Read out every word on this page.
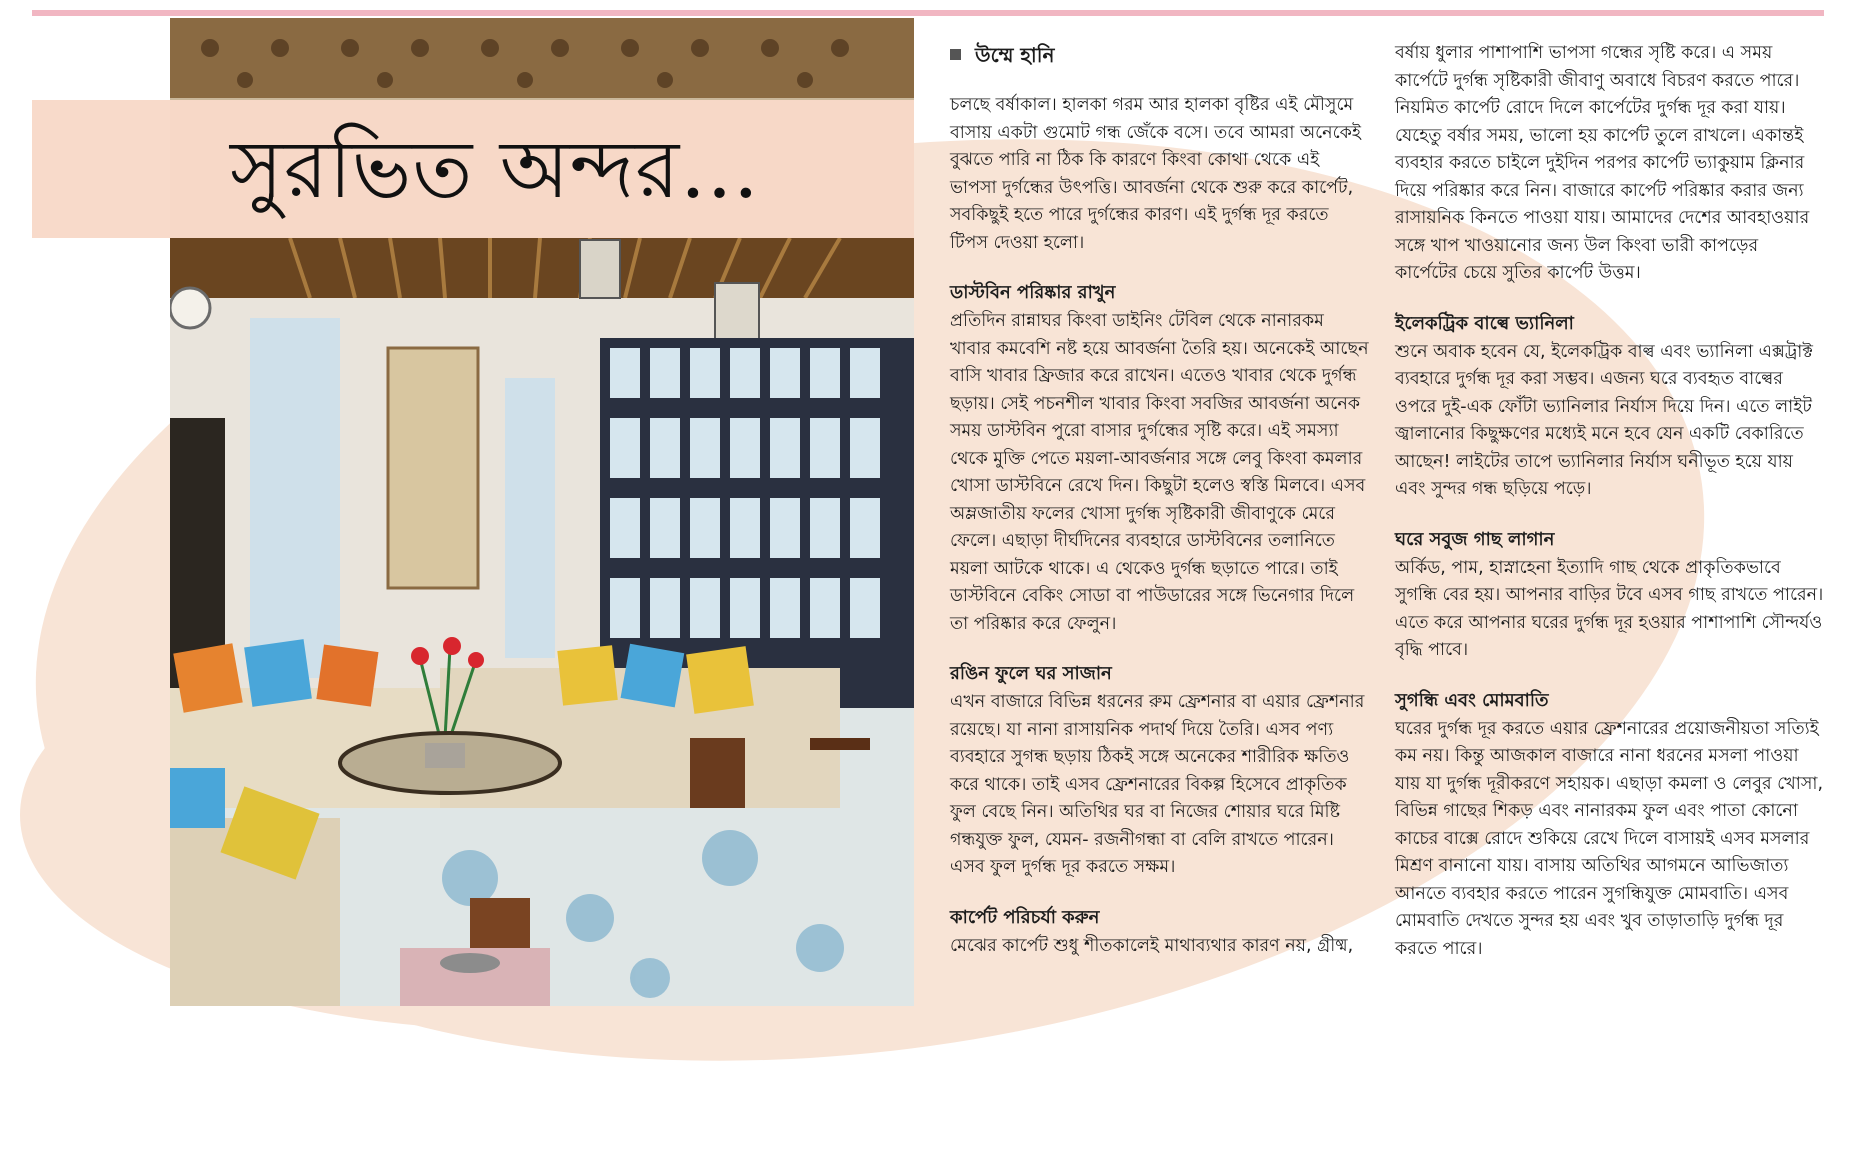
সুরভিত অন্দর...
উম্মে হানি

চলছে বর্ষাকাল। হালকা গরম আর হালকা বৃষ্টির এই মৌসুমে বাসায় একটা গুমোট গন্ধ জেঁকে বসে। তবে আমরা অনেকেই বুঝতে পারি না ঠিক কি কারণে কিংবা কোথা থেকে এই ভাপসা দুর্গন্ধের উৎপত্তি। আবর্জনা থেকে শুরু করে কার্পেট, সবকিছুই হতে পারে দুর্গন্ধের কারণ। এই দুর্গন্ধ দূর করতে টিপস দেওয়া হলো।

ডাস্টবিন পরিষ্কার রাখুন

প্রতিদিন রান্নাঘর কিংবা ডাইনিং টেবিল থেকে নানারকম খাবার কমবেশি নষ্ট হয়ে আবর্জনা তৈরি হয়। অনেকেই আছেন বাসি খাবার ফ্রিজার করে রাখেন। এতেও খাবার থেকে দুর্গন্ধ ছড়ায়। সেই পচনশীল খাবার কিংবা সবজির আবর্জনা অনেক সময় ডাস্টবিন পুরো বাসার দুর্গন্ধের সৃষ্টি করে। এই সমস্যা থেকে মুক্তি পেতে ময়লা-আবর্জনার সঙ্গে লেবু কিংবা কমলার খোসা ডাস্টবিনে রেখে দিন। কিছুটা হলেও স্বস্তি মিলবে। এসব অম্লজাতীয় ফলের খোসা দুর্গন্ধ সৃষ্টিকারী জীবাণুকে মেরে ফেলে। এছাড়া দীর্ঘদিনের ব্যবহারে ডাস্টবিনের তলানিতে ময়লা আটকে থাকে। এ থেকেও দুর্গন্ধ ছড়াতে পারে। তাই ডাস্টবিনে বেকিং সোডা বা পাউডারের সঙ্গে ভিনেগার দিলে তা পরিষ্কার করে ফেলুন।

রঙিন ফুলে ঘর সাজান

এখন বাজারে বিভিন্ন ধরনের রুম ফ্রেশনার বা এয়ার ফ্রেশনার রয়েছে। যা নানা রাসায়নিক পদার্থ দিয়ে তৈরি। এসব পণ্য ব্যবহারে সুগন্ধ ছড়ায় ঠিকই সঙ্গে অনেকের শারীরিক ক্ষতিও করে থাকে। তাই এসব ফ্রেশনারের বিকল্প হিসেবে প্রাকৃতিক ফুল বেছে নিন। অতিথির ঘর বা নিজের শোয়ার ঘরে মিষ্টি গন্ধযুক্ত ফুল, যেমন- রজনীগন্ধা বা বেলি রাখতে পারেন। এসব ফুল দুর্গন্ধ দূর করতে সক্ষম।

কার্পেট পরিচর্যা করুন

মেঝের কার্পেট শুধু শীতকালেই মাথাব্যথার কারণ নয়, গ্রীষ্ম,

বর্ষায় ধুলার পাশাপাশি ভাপসা গন্ধের সৃষ্টি করে। এ সময় কার্পেটে দুর্গন্ধ সৃষ্টিকারী জীবাণু অবাধে বিচরণ করতে পারে। নিয়মিত কার্পেট রোদে দিলে কার্পেটের দুর্গন্ধ দূর করা যায়। যেহেতু বর্ষার সময়, ভালো হয় কার্পেট তুলে রাখলে। একান্তই ব্যবহার করতে চাইলে দুইদিন পরপর কার্পেট ভ্যাকুয়াম ক্লিনার দিয়ে পরিষ্কার করে নিন। বাজারে কার্পেট পরিষ্কার করার জন্য রাসায়নিক কিনতে পাওয়া যায়। আমাদের দেশের আবহাওয়ার সঙ্গে খাপ খাওয়ানোর জন্য উল কিংবা ভারী কাপড়ের কার্পেটের চেয়ে সুতির কার্পেট উত্তম।

ইলেকট্রিক বাল্বে ভ্যানিলা

শুনে অবাক হবেন যে, ইলেকট্রিক বাল্ব এবং ভ্যানিলা এক্সট্রাক্ট ব্যবহারে দুর্গন্ধ দূর করা সম্ভব। এজন্য ঘরে ব্যবহৃত বাল্বের ওপরে দুই-এক ফোঁটা ভ্যানিলার নির্যাস দিয়ে দিন। এতে লাইট জ্বালানোর কিছুক্ষণের মধ্যেই মনে হবে যেন একটি বেকারিতে আছেন! লাইটের তাপে ভ্যানিলার নির্যাস ঘনীভূত হয়ে যায় এবং সুন্দর গন্ধ ছড়িয়ে পড়ে।

ঘরে সবুজ গাছ লাগান

অর্কিড, পাম, হাস্নাহেনা ইত্যাদি গাছ থেকে প্রাকৃতিকভাবে সুগন্ধি বের হয়। আপনার বাড়ির টবে এসব গাছ রাখতে পারেন। এতে করে আপনার ঘরের দুর্গন্ধ দূর হওয়ার পাশাপাশি সৌন্দর্যও বৃদ্ধি পাবে।

সুগন্ধি এবং মোমবাতি

ঘরের দুর্গন্ধ দূর করতে এয়ার ফ্রেশনারের প্রয়োজনীয়তা সত্যিই কম নয়। কিন্তু আজকাল বাজারে নানা ধরনের মসলা পাওয়া যায় যা দুর্গন্ধ দূরীকরণে সহায়ক। এছাড়া কমলা ও লেবুর খোসা, বিভিন্ন গাছের শিকড় এবং নানারকম ফুল এবং পাতা কোনো কাচের বাক্সে রোদে শুকিয়ে রেখে দিলে বাসায়ই এসব মসলার মিশ্রণ বানানো যায়। বাসায় অতিথির আগমনে আভিজাত্য আনতে ব্যবহার করতে পারেন সুগন্ধিযুক্ত মোমবাতি। এসব মোমবাতি দেখতে সুন্দর হয় এবং খুব তাড়াতাড়ি দুর্গন্ধ দূর করতে পারে।
